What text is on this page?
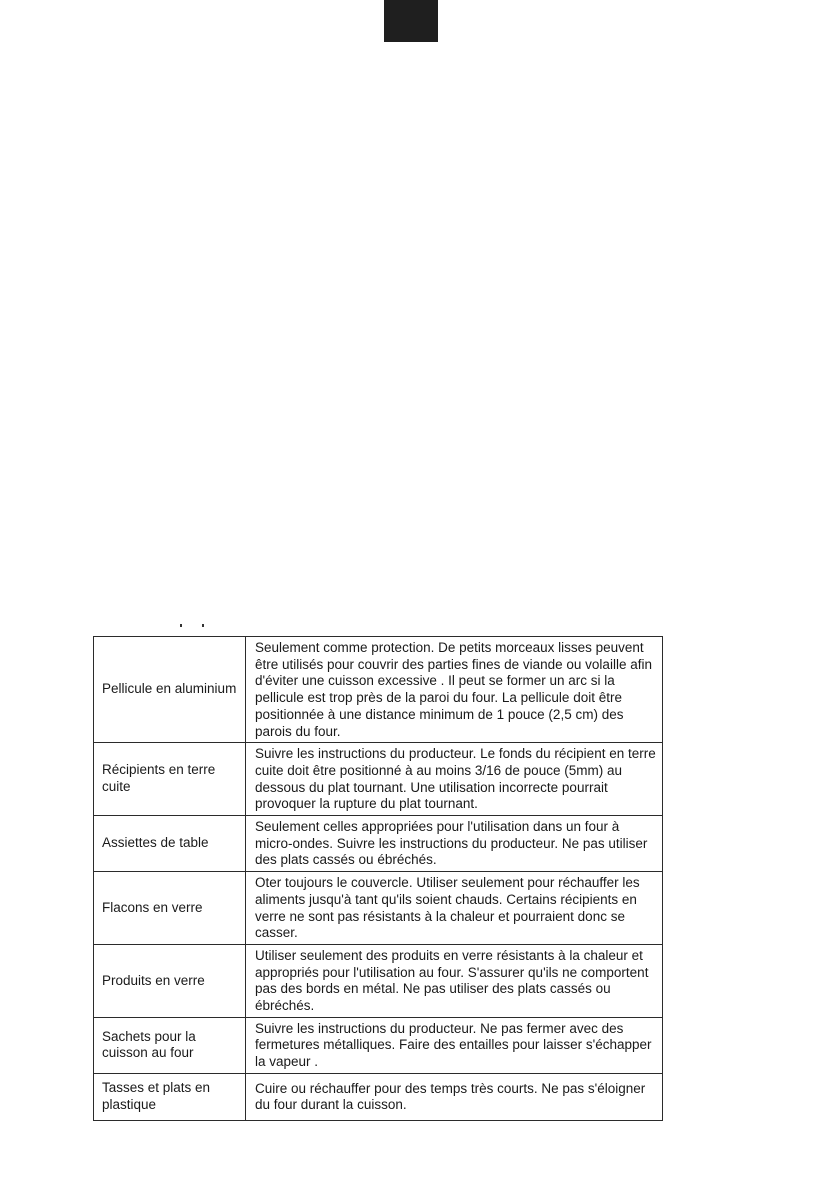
Pellicule en aluminium	Seulement comme protection. De petits morceaux lisses peuvent être utilisés pour couvrir des parties fines de viande ou volaille afin d'éviter une cuisson excessive . Il peut se former un arc si la pellicule est trop près de la paroi du four. La pellicule doit être positionnée à une distance minimum de 1 pouce (2,5 cm) des parois du four.
Récipients en terre cuite	Suivre les instructions du producteur. Le fonds du récipient en terre cuite doit être positionné à au moins 3/16 de pouce (5mm) au dessous du plat tournant. Une utilisation incorrecte pourrait provoquer la rupture du plat tournant.
Assiettes de table	Seulement celles appropriées pour l'utilisation dans un four à micro-ondes. Suivre les instructions du producteur. Ne pas utiliser des plats cassés ou ébréchés.
Flacons en verre	Oter toujours le couvercle. Utiliser seulement pour réchauffer les aliments jusqu'à tant qu'ils soient chauds. Certains récipients en verre ne sont pas résistants à la chaleur et pourraient donc se casser.
Produits en verre	Utiliser seulement des produits en verre résistants à la chaleur et appropriés pour l'utilisation au four. S'assurer qu'ils ne comportent pas des bords en métal. Ne pas utiliser des plats cassés ou ébréchés.
Sachets pour la cuisson au four	Suivre les instructions du producteur. Ne pas fermer avec des fermetures métalliques. Faire des entailles pour laisser s'échapper la vapeur .
Tasses et plats en plastique	Cuire ou réchauffer pour des temps très courts. Ne pas s'éloigner du four durant la cuisson.
